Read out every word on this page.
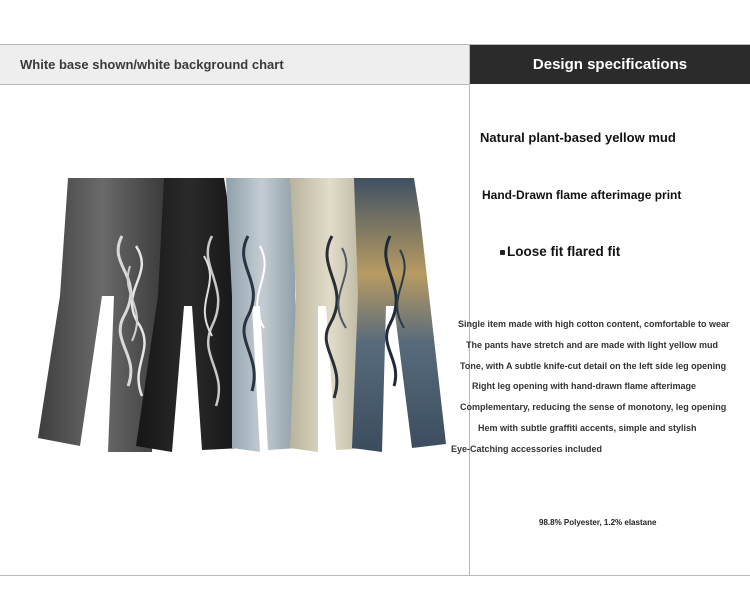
White base shown/white background chart	Design specifications
Natural plant-based yellow mud
Hand-Drawn flame afterimage print
Loose fit flared fit
Single item made with high cotton content, comfortable to wear
The pants have stretch and are made with light yellow mud
Tone, with A subtle knife-cut detail on the left side leg opening
Right leg opening with hand-drawn flame afterimage
Complementary, reducing the sense of monotony, leg opening
Hem with subtle graffiti accents, simple and stylish
Eye-Catching accessories included
98.8% Polyester, 1.2% elastane
